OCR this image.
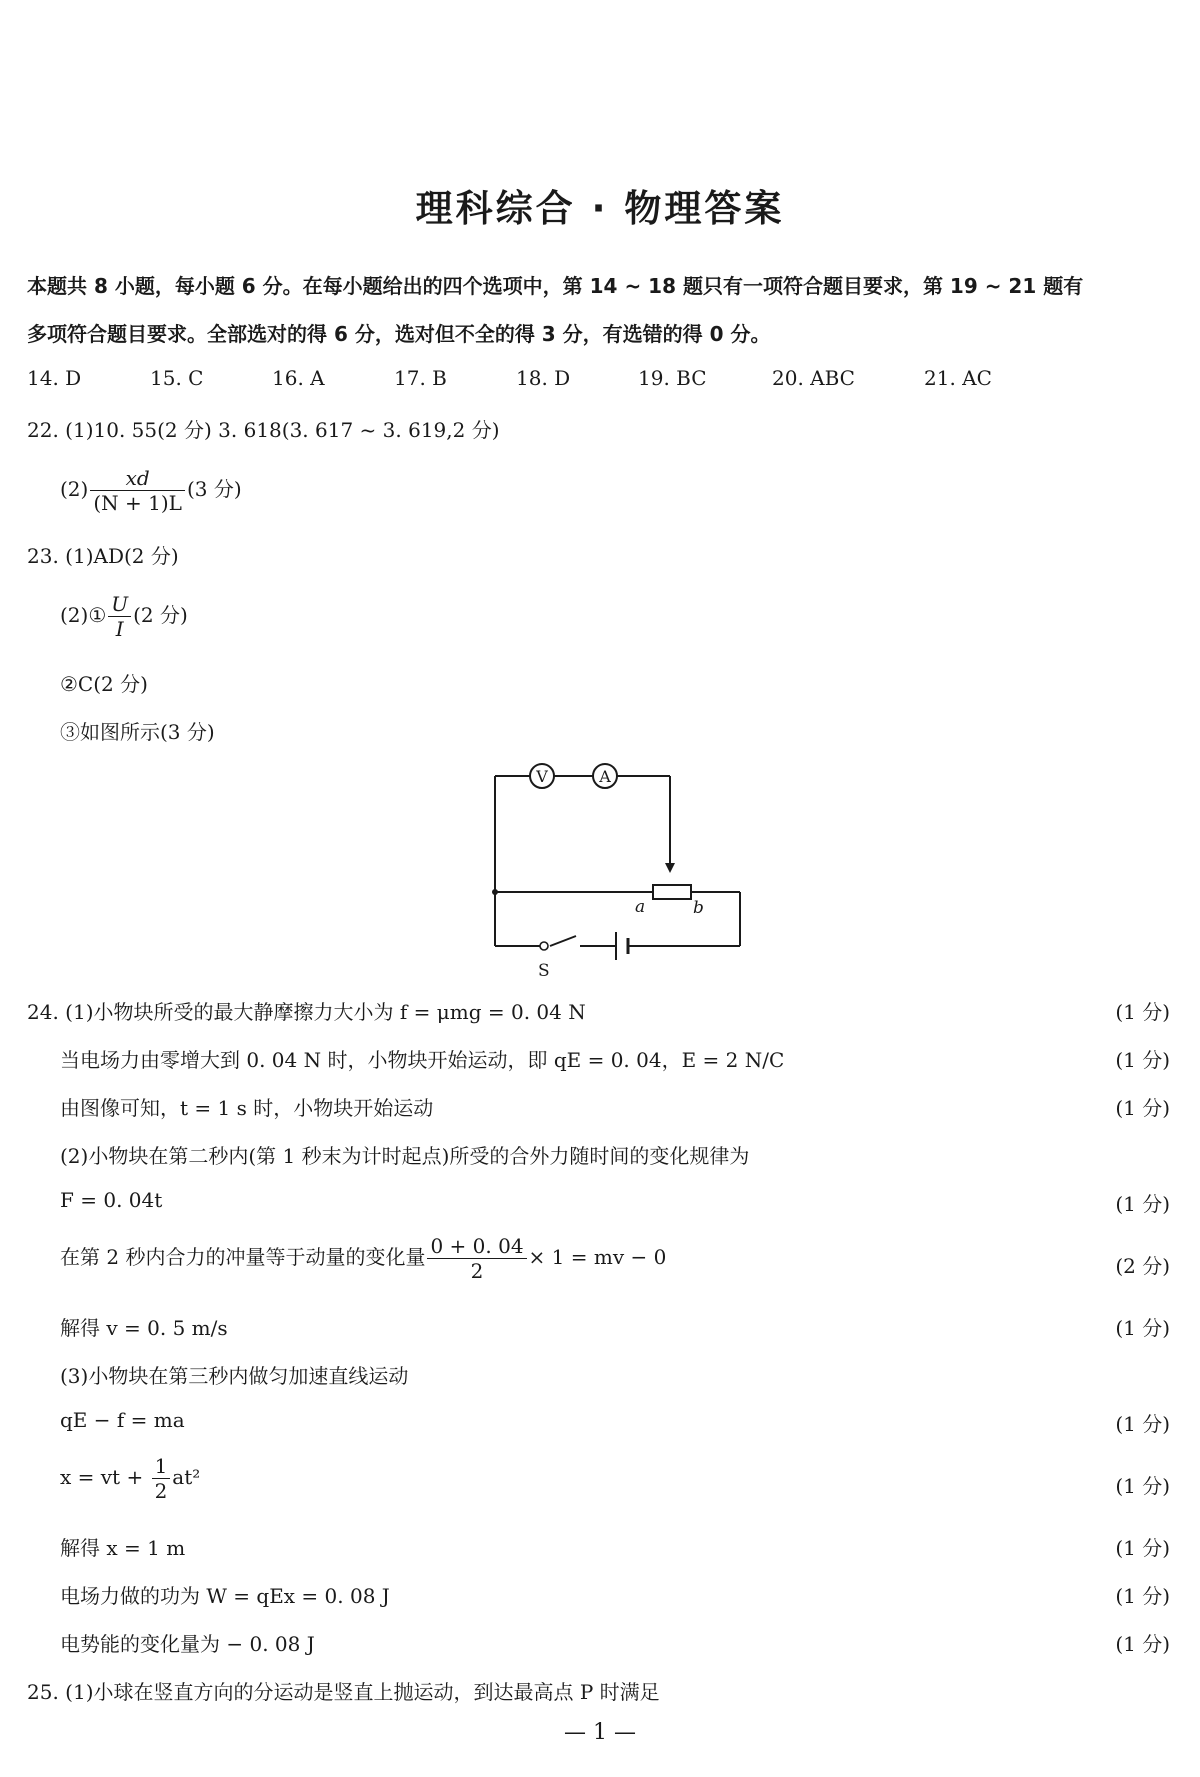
理科综合 · 物理答案
本题共 8 小题，每小题 6 分。在每小题给出的四个选项中，第 14 ~ 18 题只有一项符合题目要求，第 19 ~ 21 题有
多项符合题目要求。全部选对的得 6 分，选对但不全的得 3 分，有选错的得 0 分。
14. D	15. C	16. A	17. B	18. D	19. BC	20. ABC	21. AC
22. (1)10. 55(2 分) 3. 618(3. 617 ~ 3. 619,2 分)
$(2) \frac{xd}{(N + 1)L} (3$ 分)
23. (1)AD(2 分)
(2)① $\frac{U}{I} (2$ 分)
②C(2 分)
③如图所示(3 分)
V	A
a	b
S
24. (1)小物块所受的最大静摩擦力大小为 f = μmg = 0. 04 N	(1 分)
当电场力由零增大到 0. 04 N 时，小物块开始运动，即 qE = 0. 04，E = 2 N/C	(1 分)
由图像可知，t = 1 s 时，小物块开始运动	(1 分)
(2)小物块在第二秒内(第 1 秒末为计时起点)所受的合外力随时间的变化规律为
F = 0. 04t	(1 分)
在第 2 秒内合力的冲量等于动量的变化量 $\frac{0 + 0. 04}{2} \times 1$ = mv − 0	(2 分)
解得 v = 0. 5 m/s	(1 分)
(3)小物块在第三秒内做匀加速直线运动
qE − f = ma	(1 分)
x = vt + $\frac{1}{2} at^2$	(1 分)
解得 x = 1 m	(1 分)
电场力做的功为 W = qEx = 0. 08 J	(1 分)
电势能的变化量为 − 0. 08 J	(1 分)
25. (1)小球在竖直方向的分运动是竖直上抛运动，到达最高点 P 时满足
— 1 —
